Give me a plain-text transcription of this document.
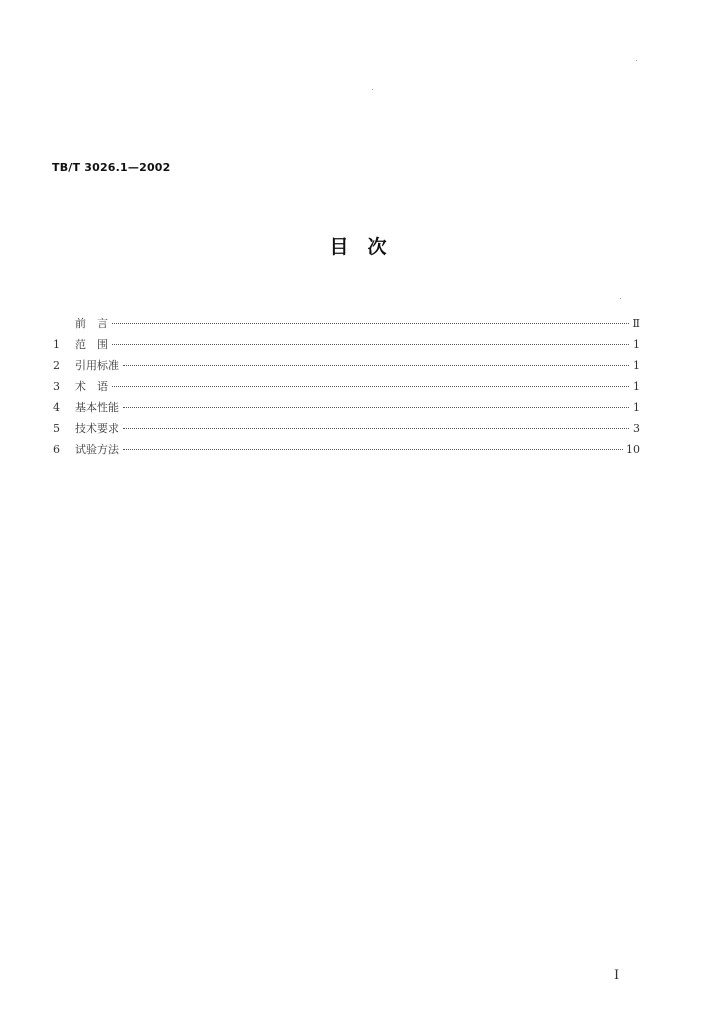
TB/T 3026.1—2002
目　次
前　言	Ⅱ
1	范　围	1
2	引用标准	1
3	术　语	1
4	基本性能	1
5	技术要求	3
6	试验方法	10
I
